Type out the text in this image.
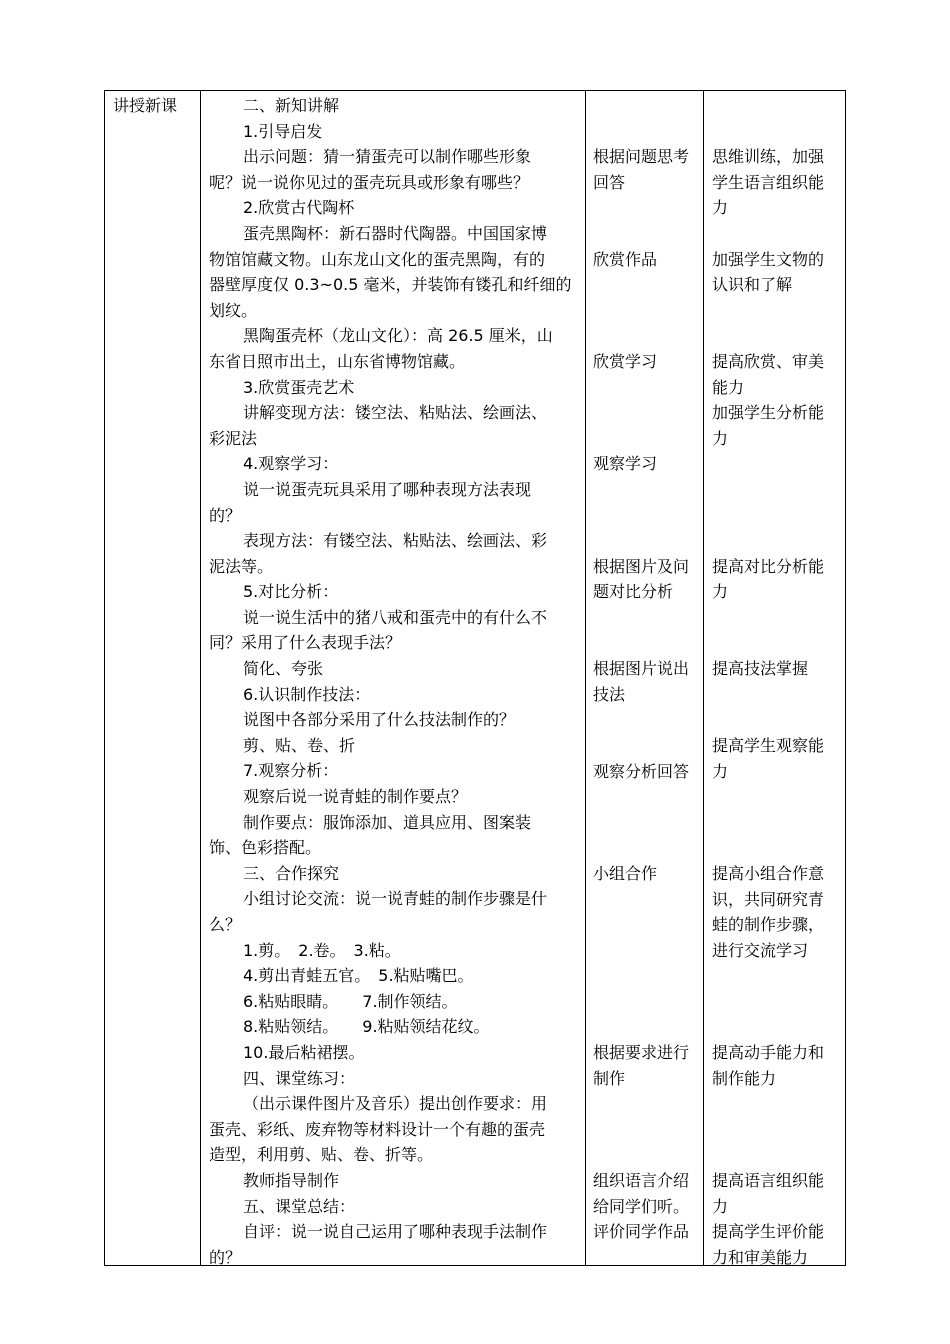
讲授新课	二、新知讲解
1.引导启发
出示问题：猜一猜蛋壳可以制作哪些形象
呢？说一说你见过的蛋壳玩具或形象有哪些？
2.欣赏古代陶杯
蛋壳黑陶杯：新石器时代陶器。中国国家博
物馆馆藏文物。山东龙山文化的蛋壳黑陶，有的
器壁厚度仅 0.3~0.5 毫米，并装饰有镂孔和纤细的
划纹。
黑陶蛋壳杯（龙山文化）：高 26.5 厘米，山
东省日照市出土，山东省博物馆藏。
3.欣赏蛋壳艺术
讲解变现方法：镂空法、粘贴法、绘画法、
彩泥法
4.观察学习：
说一说蛋壳玩具采用了哪种表现方法表现
的？
表现方法：有镂空法、粘贴法、绘画法、彩
泥法等。
5.对比分析：
说一说生活中的猪八戒和蛋壳中的有什么不
同？采用了什么表现手法？
简化、夸张
6.认识制作技法：
说图中各部分采用了什么技法制作的？
剪、贴、卷、折
7.观察分析：
观察后说一说青蛙的制作要点？
制作要点：服饰添加、道具应用、图案装
饰、色彩搭配。
三、合作探究
小组讨论交流：说一说青蛙的制作步骤是什
么？
1.剪。　2.卷。　3.粘。
4.剪出青蛙五官。　5.粘贴嘴巴。
6.粘贴眼睛。　　7.制作领结。
8.粘贴领结。　　9.粘贴领结花纹。
10.最后粘裙摆。
四、课堂练习：
（出示课件图片及音乐）提出创作要求：用
蛋壳、彩纸、废弃物等材料设计一个有趣的蛋壳
造型，利用剪、贴、卷、折等。
教师指导制作
五、课堂总结：
自评：说一说自己运用了哪种表现手法制作
的？
根据问题思考
回答
欣赏作品
欣赏学习
观察学习
根据图片及问
题对比分析
根据图片说出
技法
观察分析回答
小组合作
根据要求进行
制作
组织语言介绍
给同学们听。
评价同学作品
思维训练，加强
学生语言组织能
力
加强学生文物的
认识和了解
提高欣赏、审美
能力
加强学生分析能
力
提高对比分析能
力
提高技法掌握
提高学生观察能
力
提高小组合作意
识，共同研究青
蛙的制作步骤，
进行交流学习
提高动手能力和
制作能力
提高语言组织能
力
提高学生评价能
力和审美能力
